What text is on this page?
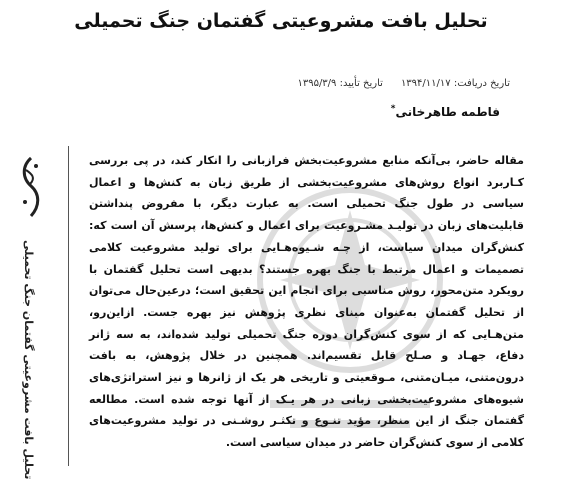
تحلیل بافت مشروعیتی گفتمان جنگ تحمیلی
تاریخ دریافت: ۱۳۹۴/۱۱/۱۷
تاریخ تأیید: ۱۳۹۵/۳/۹
فاطمه طاهرخانی*
مقاله حاضر، بی‌آنکه منابع مشروعیت‌بخش فرازبانی را انکار کند، در پی بررسی کـاربرد انواع روش‌های مشروعیت‌بخشی از طریق زبان به کنش‌ها و اعمال سیاسی در طول جنگ تحمیلی است. به عبارت دیگر، با مفروض پنداشتن قابلیت‌های زبان در تولیـد مشـروعیت برای اعمال و کنش‌ها، پرسش آن است که: کنش‌گران میدان سیاست، از چـه شـیوه‌هـایی برای تولید مشروعیت کلامی تصمیمات و اعمال مرتبط با جنگ بهره جستند؟ بدیهی است تحلیل گفتمان با رویکرد متن‌محور، روش مناسبی برای انجام این تحقیق است؛ درعین‌حال می‌توان از تحلیل گفتمان به‌عنوان مبنای نظری پژوهش نیز بهره جست. ازاین‌رو، متن‌هـایی که از سوی کنش‌گران دوره جنگ تحمیلی تولید شده‌اند، به سه ژانر دفاع، جهـاد و صـلح قابل تقسیم‌اند. همچنین در خلال پژوهش، به بافت درون‌متنی، میـان‌متنی، مـوقعیتی و تاریخی هر یک از ژانرها و نیز استراتژی‌های شیوه‌های مشروعیت‌بخشی زبانی در هر یـک از آنها توجه شده است. مطالعه گفتمان جنگ از این منظر، مؤید تنـوع و تکثـر روشـنی در تولید مشروعیت‌های کلامی از سوی کنش‌گران حاضر در میدان سیاسی است.
تحلیل بافت مشروعیتی گفتمان جنگ تحمیلی
